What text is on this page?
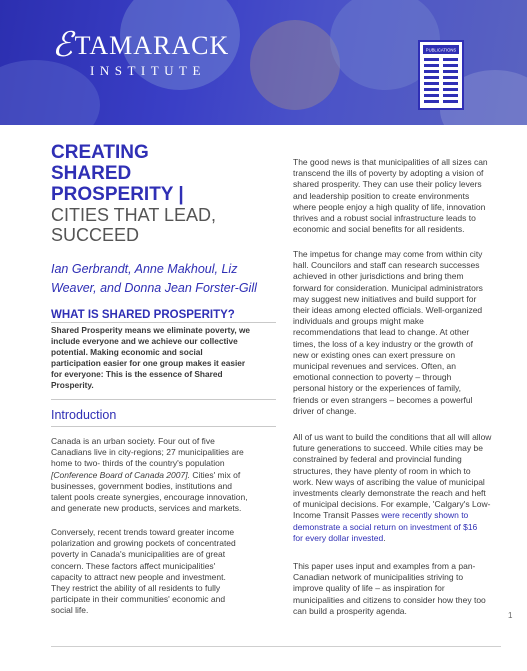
ℰ TAMARACK
INSTITUTE
PUBLICATIONS
CREATING
SHARED
PROSPERITY |
CITIES THAT LEAD,
SUCCEED
Ian Gerbrandt, Anne Makhoul, Liz
Weaver, and Donna Jean Forster-Gill
WHAT IS SHARED PROSPERITY?
Shared Prosperity means we eliminate poverty, we
include everyone and we achieve our collective
potential. Making economic and social
participation easier for one group makes it easier
for everyone: This is the essence of Shared
Prosperity.
Introduction
Canada is an urban society. Four out of five
Canadians live in city-regions; 27 municipalities are
home to two- thirds of the country's population
[Conference Board of Canada 2007]. Cities' mix of
businesses, government bodies, institutions and
talent pools create synergies, encourage innovation,
and generate new products, services and markets.
Conversely, recent trends toward greater income
polarization and growing pockets of concentrated
poverty in Canada's municipalities are of great
concern. These factors affect municipalities'
capacity to attract new people and investment.
They restrict the ability of all residents to fully
participate in their communities' economic and
social life.
The good news is that municipalities of all sizes can
transcend the ills of poverty by adopting a vision of
shared prosperity. They can use their policy levers
and leadership position to create environments
where people enjoy a high quality of life, innovation
thrives and a robust social infrastructure leads to
economic and social benefits for all residents.
The impetus for change may come from within city
hall. Councilors and staff can research successes
achieved in other jurisdictions and bring them
forward for consideration. Municipal administrators
may suggest new initiatives and build support for
their ideas among elected officials. Well-organized
individuals and groups might make
recommendations that lead to change. At other
times, the loss of a key industry or the growth of
new or existing ones can exert pressure on
municipal revenues and services. Often, an
emotional connection to poverty – through
personal history or the experiences of family,
friends or even strangers – becomes a powerful
driver of change.
All of us want to build the conditions that all will allow
future generations to succeed. While cities may be
constrained by federal and provincial funding
structures, they have plenty of room in which to
work. New ways of ascribing the value of municipal
investments clearly demonstrate the reach and heft
of municipal decisions. For example, 'Calgary's Low-
Income Transit Passes were recently shown to
demonstrate a social return on investment of $16
for every dollar invested.
This paper uses input and examples from a pan-
Canadian network of municipalities striving to
improve quality of life – as inspiration for
municipalities and citizens to consider how they too
can build a prosperity agenda.	1
